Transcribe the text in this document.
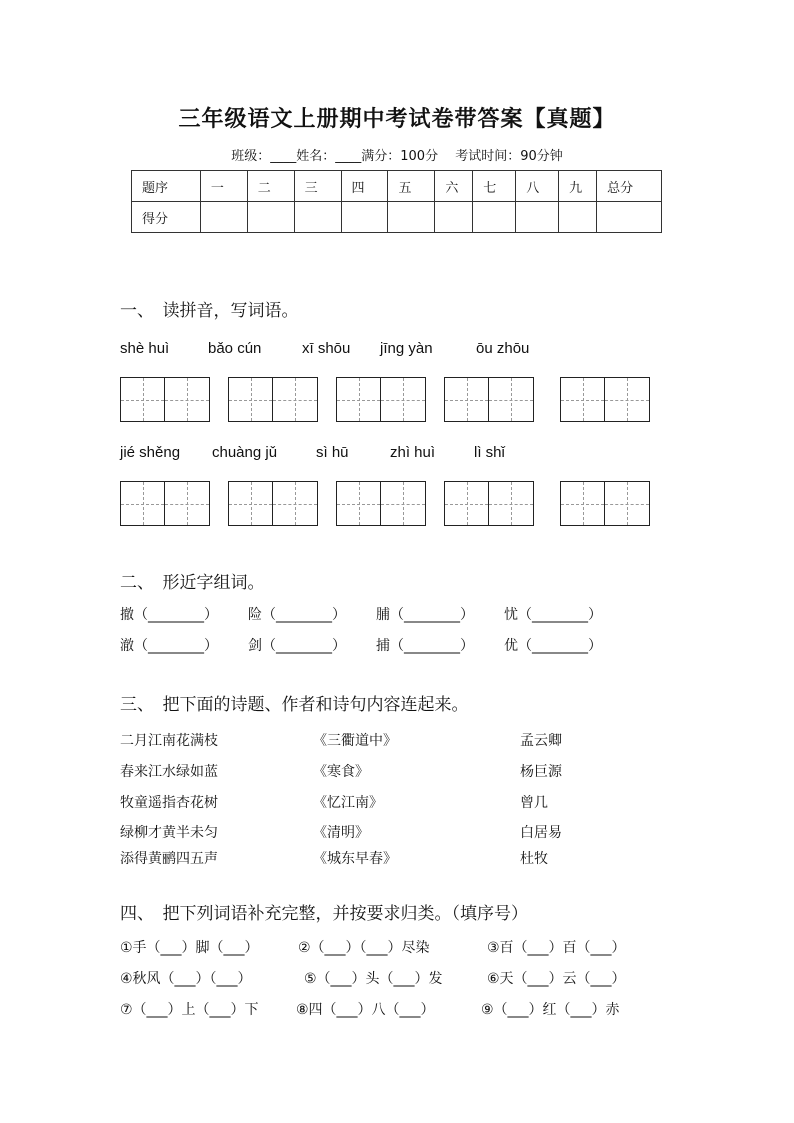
三年级语文上册期中考试卷带答案【真题】
班级：____姓名：____满分：100分　 考试时间：90分钟
题序	一	二	三	四	五	六	七	八	九	总分
得分										
一、　读拼音，写词语。
shè huì	bǎo cún	xī shōu jīng yàn	ōu zhōu
jié shěng chuàng jǔ	sì hū	zhì huì	lì shǐ
二、　形近字组词。
撤（________） 险（________） 脯（________） 忧（________）
澈（________） 剑（________） 捕（________） 优（________）
三、　把下面的诗题、作者和诗句内容连起来。
二月江南花满枝	《三衢道中》	孟云卿
春来江水绿如蓝	《寒食》	杨巨源
牧童遥指杏花树	《忆江南》	曾几
绿柳才黄半未匀	《清明》	白居易
添得黄鹂四五声	《城东早春》	杜牧
四、　把下列词语补充完整，并按要求归类。（填序号）
①手（___）脚（___）	②（___）（___）尽染	③百（___）百（___）
④秋风（___）（___）	⑤（___）头（___）发	⑥天（___）云（___）
⑦（___）上（___）下	⑧四（___）八（___）	⑨（___）红（___）赤
